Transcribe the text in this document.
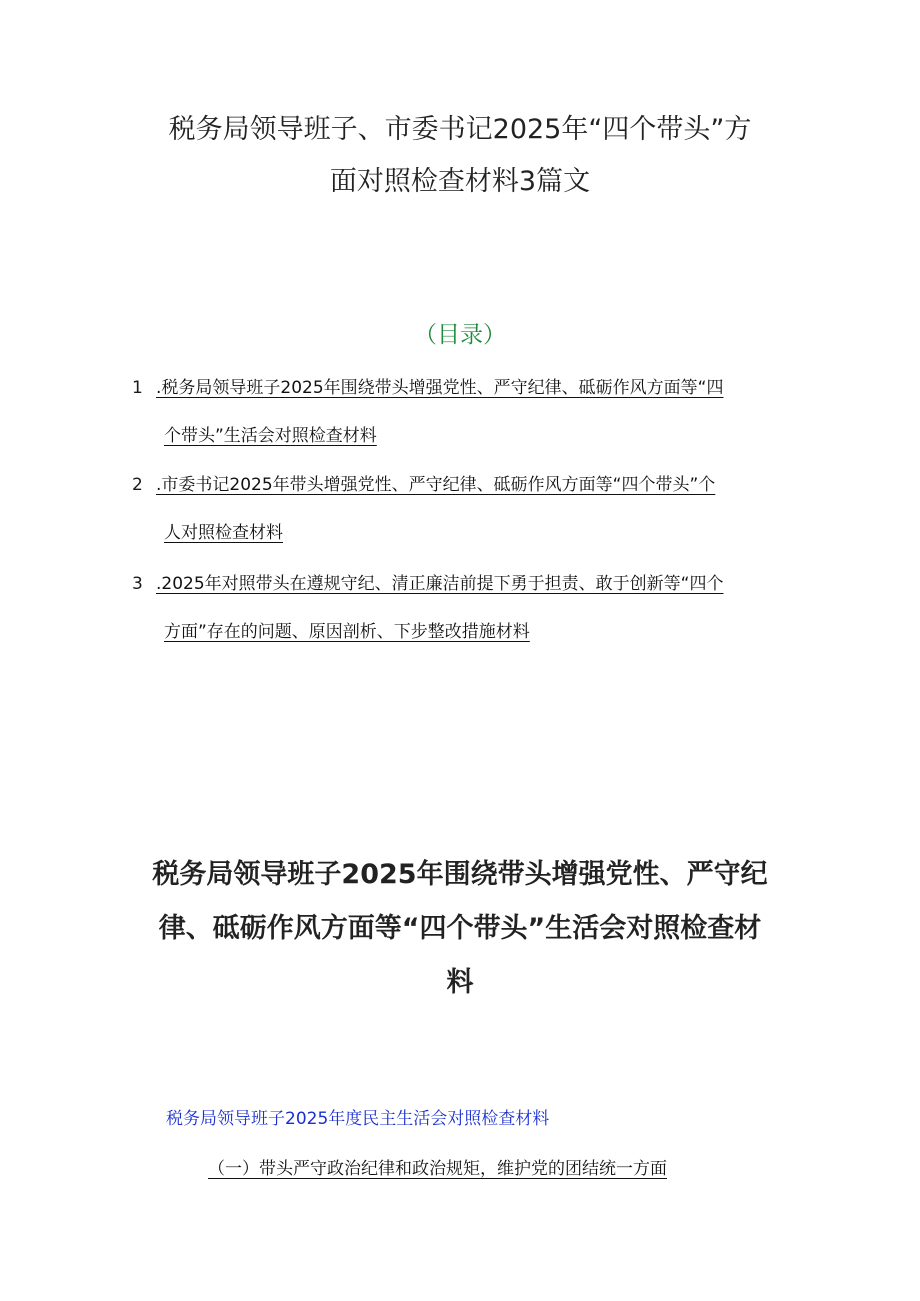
税务局领导班子、市委书记2025年“四个带头”方
面对照检查材料3篇文
（目录）
1 .税务局领导班子2025年围绕带头增强党性、严守纪律、砥砺作风方面等“四
个带头”生活会对照检查材料
2 .市委书记2025年带头增强党性、严守纪律、砥砺作风方面等“四个带头”个
人对照检查材料
3 .2025年对照带头在遵规守纪、清正廉洁前提下勇于担责、敢于创新等“四个
方面”存在的问题、原因剖析、下步整改措施材料
税务局领导班子2025年围绕带头增强党性、严守纪
律、砥砺作风方面等“四个带头”生活会对照检查材
料
税务局领导班子2025年度民主生活会对照检查材料
（一）带头严守政治纪律和政治规矩，维护党的团结统一方面
